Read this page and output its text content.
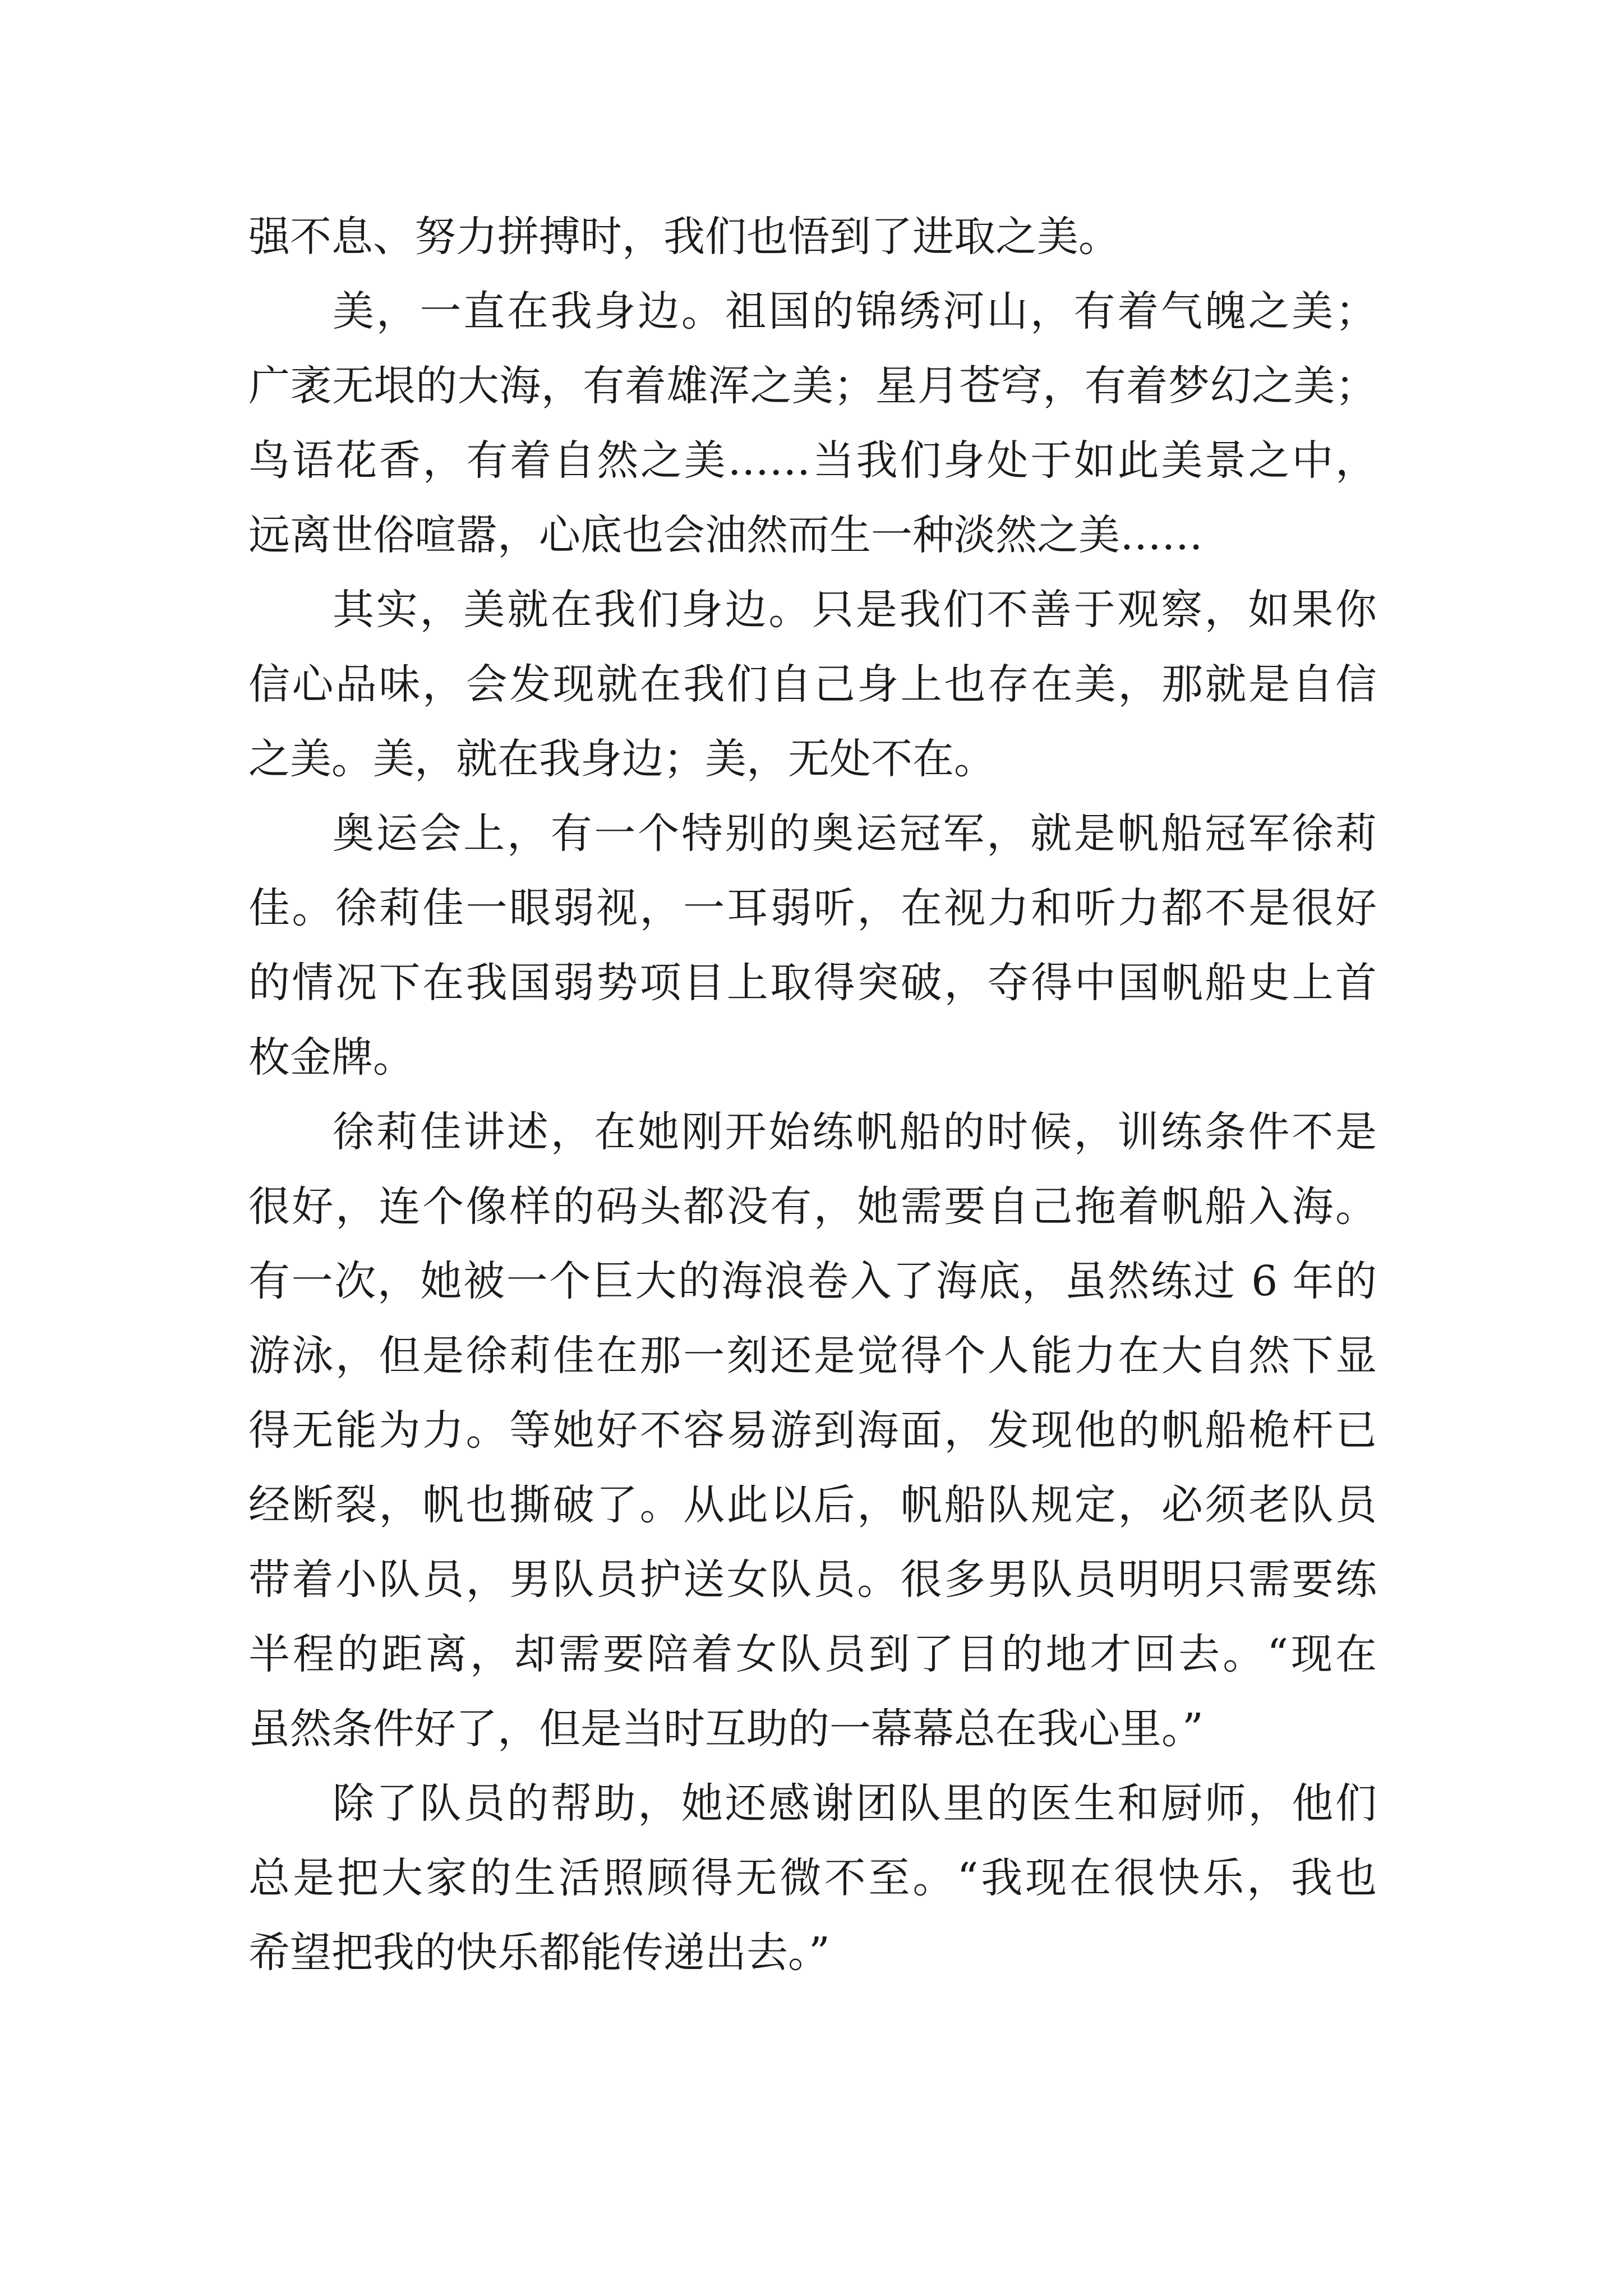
强不息、努力拼搏时，我们也悟到了进取之美。
美，一直在我身边。祖国的锦绣河山，有着气魄之美；
广袤无垠的大海，有着雄浑之美；星月苍穹，有着梦幻之美；
鸟语花香，有着自然之美……当我们身处于如此美景之中，
远离世俗喧嚣，心底也会油然而生一种淡然之美……
其实，美就在我们身边。只是我们不善于观察，如果你
信心品味，会发现就在我们自己身上也存在美，那就是自信
之美。美，就在我身边；美，无处不在。
奥运会上，有一个特别的奥运冠军，就是帆船冠军徐莉
佳。徐莉佳一眼弱视，一耳弱听，在视力和听力都不是很好
的情况下在我国弱势项目上取得突破，夺得中国帆船史上首
枚金牌。
徐莉佳讲述，在她刚开始练帆船的时候，训练条件不是
很好，连个像样的码头都没有，她需要自己拖着帆船入海。
有一次，她被一个巨大的海浪卷入了海底，虽然练过 6 年的
游泳，但是徐莉佳在那一刻还是觉得个人能力在大自然下显
得无能为力。等她好不容易游到海面，发现他的帆船桅杆已
经断裂，帆也撕破了。从此以后，帆船队规定，必须老队员
带着小队员，男队员护送女队员。很多男队员明明只需要练
半程的距离，却需要陪着女队员到了目的地才回去。“现在
虽然条件好了，但是当时互助的一幕幕总在我心里。”
除了队员的帮助，她还感谢团队里的医生和厨师，他们
总是把大家的生活照顾得无微不至。“我现在很快乐，我也
希望把我的快乐都能传递出去。”
